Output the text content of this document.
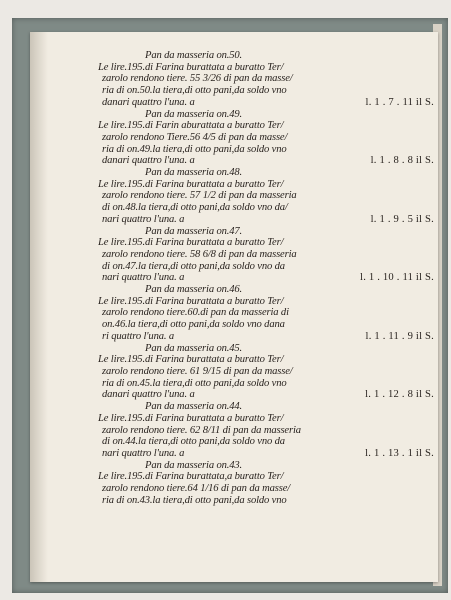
Pan da masseria on.50.
Le lire.195.di Farina burattata a buratto Ter/
zarolo rendono tiere. 55 3/26 di pan da masse/
ria di on.50.la tiera,di otto pani,da soldo vno
danari quattro l'una. a	l. 1 . 7 . 11 il S.
Pan da masseria on.49.
Le lire.195.di Farin aburattata a buratto Ter/
zarolo rendono Tiere.56 4/5 di pan da masse/
ria di on.49.la tiera,di otto pani,da soldo vno
danari quattro l'una. a	l. 1 . 8 . 8 il S.
Pan da masseria on.48.
Le lire.195.di Farina burattata a buratto Ter/
zarolo rendono tiere. 57 1/2 di pan da masseria
di on.48.la tiera,di otto pani,da soldo vno da/
nari quattro l'una. a	l. 1 . 9 . 5 il S.
Pan da masseria on.47.
Le lire.195.di Farina burattata a buratto Ter/
zarolo rendono tiere. 58 6/8 di pan da masseria
di on.47.la tiera,di otto pani,da soldo vno da
nari quattro l'una. a	l. 1 . 10 . 11 il S.
Pan da masseria on.46.
Le lire.195.di Farina burattata a buratto Ter/
zarolo rendono tiere.60.di pan da masseria di
on.46.la tiera,di otto pani,da soldo vno dana
ri quattro l'una. a	l. 1 . 11 . 9 il S.
Pan da masseria on.45.
Le lire.195.di Farina burattata a buratto Ter/
zarolo rendono tiere. 61 9/15 di pan da masse/
ria di on.45.la tiera,di otto pani,da soldo vno
danari quattro l'una. a	l. 1 . 12 . 8 il S.
Pan da masseria on.44.
Le lire.195.di Farina burattata a buratto Ter/
zarolo rendono tiere. 62 8/11 di pan da masseria
di on.44.la tiera,di otto pani,da soldo vno da
nari quattro l'una. a	l. 1 . 13 . 1 il S.
Pan da masseria on.43.
Le lire.195.di Farina burattata,a buratto Ter/
zarolo rendono tiere.64 1/16 di pan da masse/
ria di on.43.la tiera,di otto pani,da soldo vno
